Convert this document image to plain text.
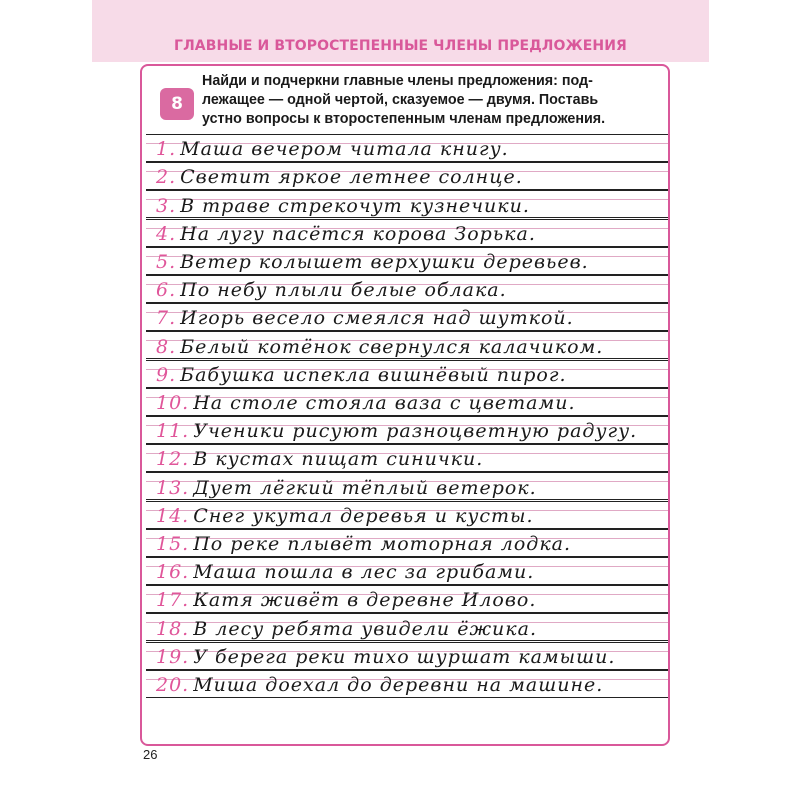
ГЛАВНЫЕ И ВТОРОСТЕПЕННЫЕ ЧЛЕНЫ ПРЕДЛОЖЕНИЯ
8
Найди и подчеркни главные члены предложения: под-
лежащее — одной чертой, сказуемое — двумя. Поставь
устно вопросы к второстепенным членам предложения.
1. Маша вечером читала книгу.
2. Светит яркое летнее солнце.
3. В траве стрекочут кузнечики.
4. На лугу пасётся корова Зорька.
5. Ветер колышет верхушки деревьев.
6. По небу плыли белые облака.
7. Игорь весело смеялся над шуткой.
8. Белый котёнок свернулся калачиком.
9. Бабушка испекла вишнёвый пирог.
10. На столе стояла ваза с цветами.
11. Ученики рисуют разноцветную радугу.
12. В кустах пищат синички.
13. Дует лёгкий тёплый ветерок.
14. Снег укутал деревья и кусты.
15. По реке плывёт моторная лодка.
16. Маша пошла в лес за грибами.
17. Катя живёт в деревне Илово.
18. В лесу ребята увидели ёжика.
19. У берега реки тихо шуршат камыши.
20. Миша доехал до деревни на машине.
26
